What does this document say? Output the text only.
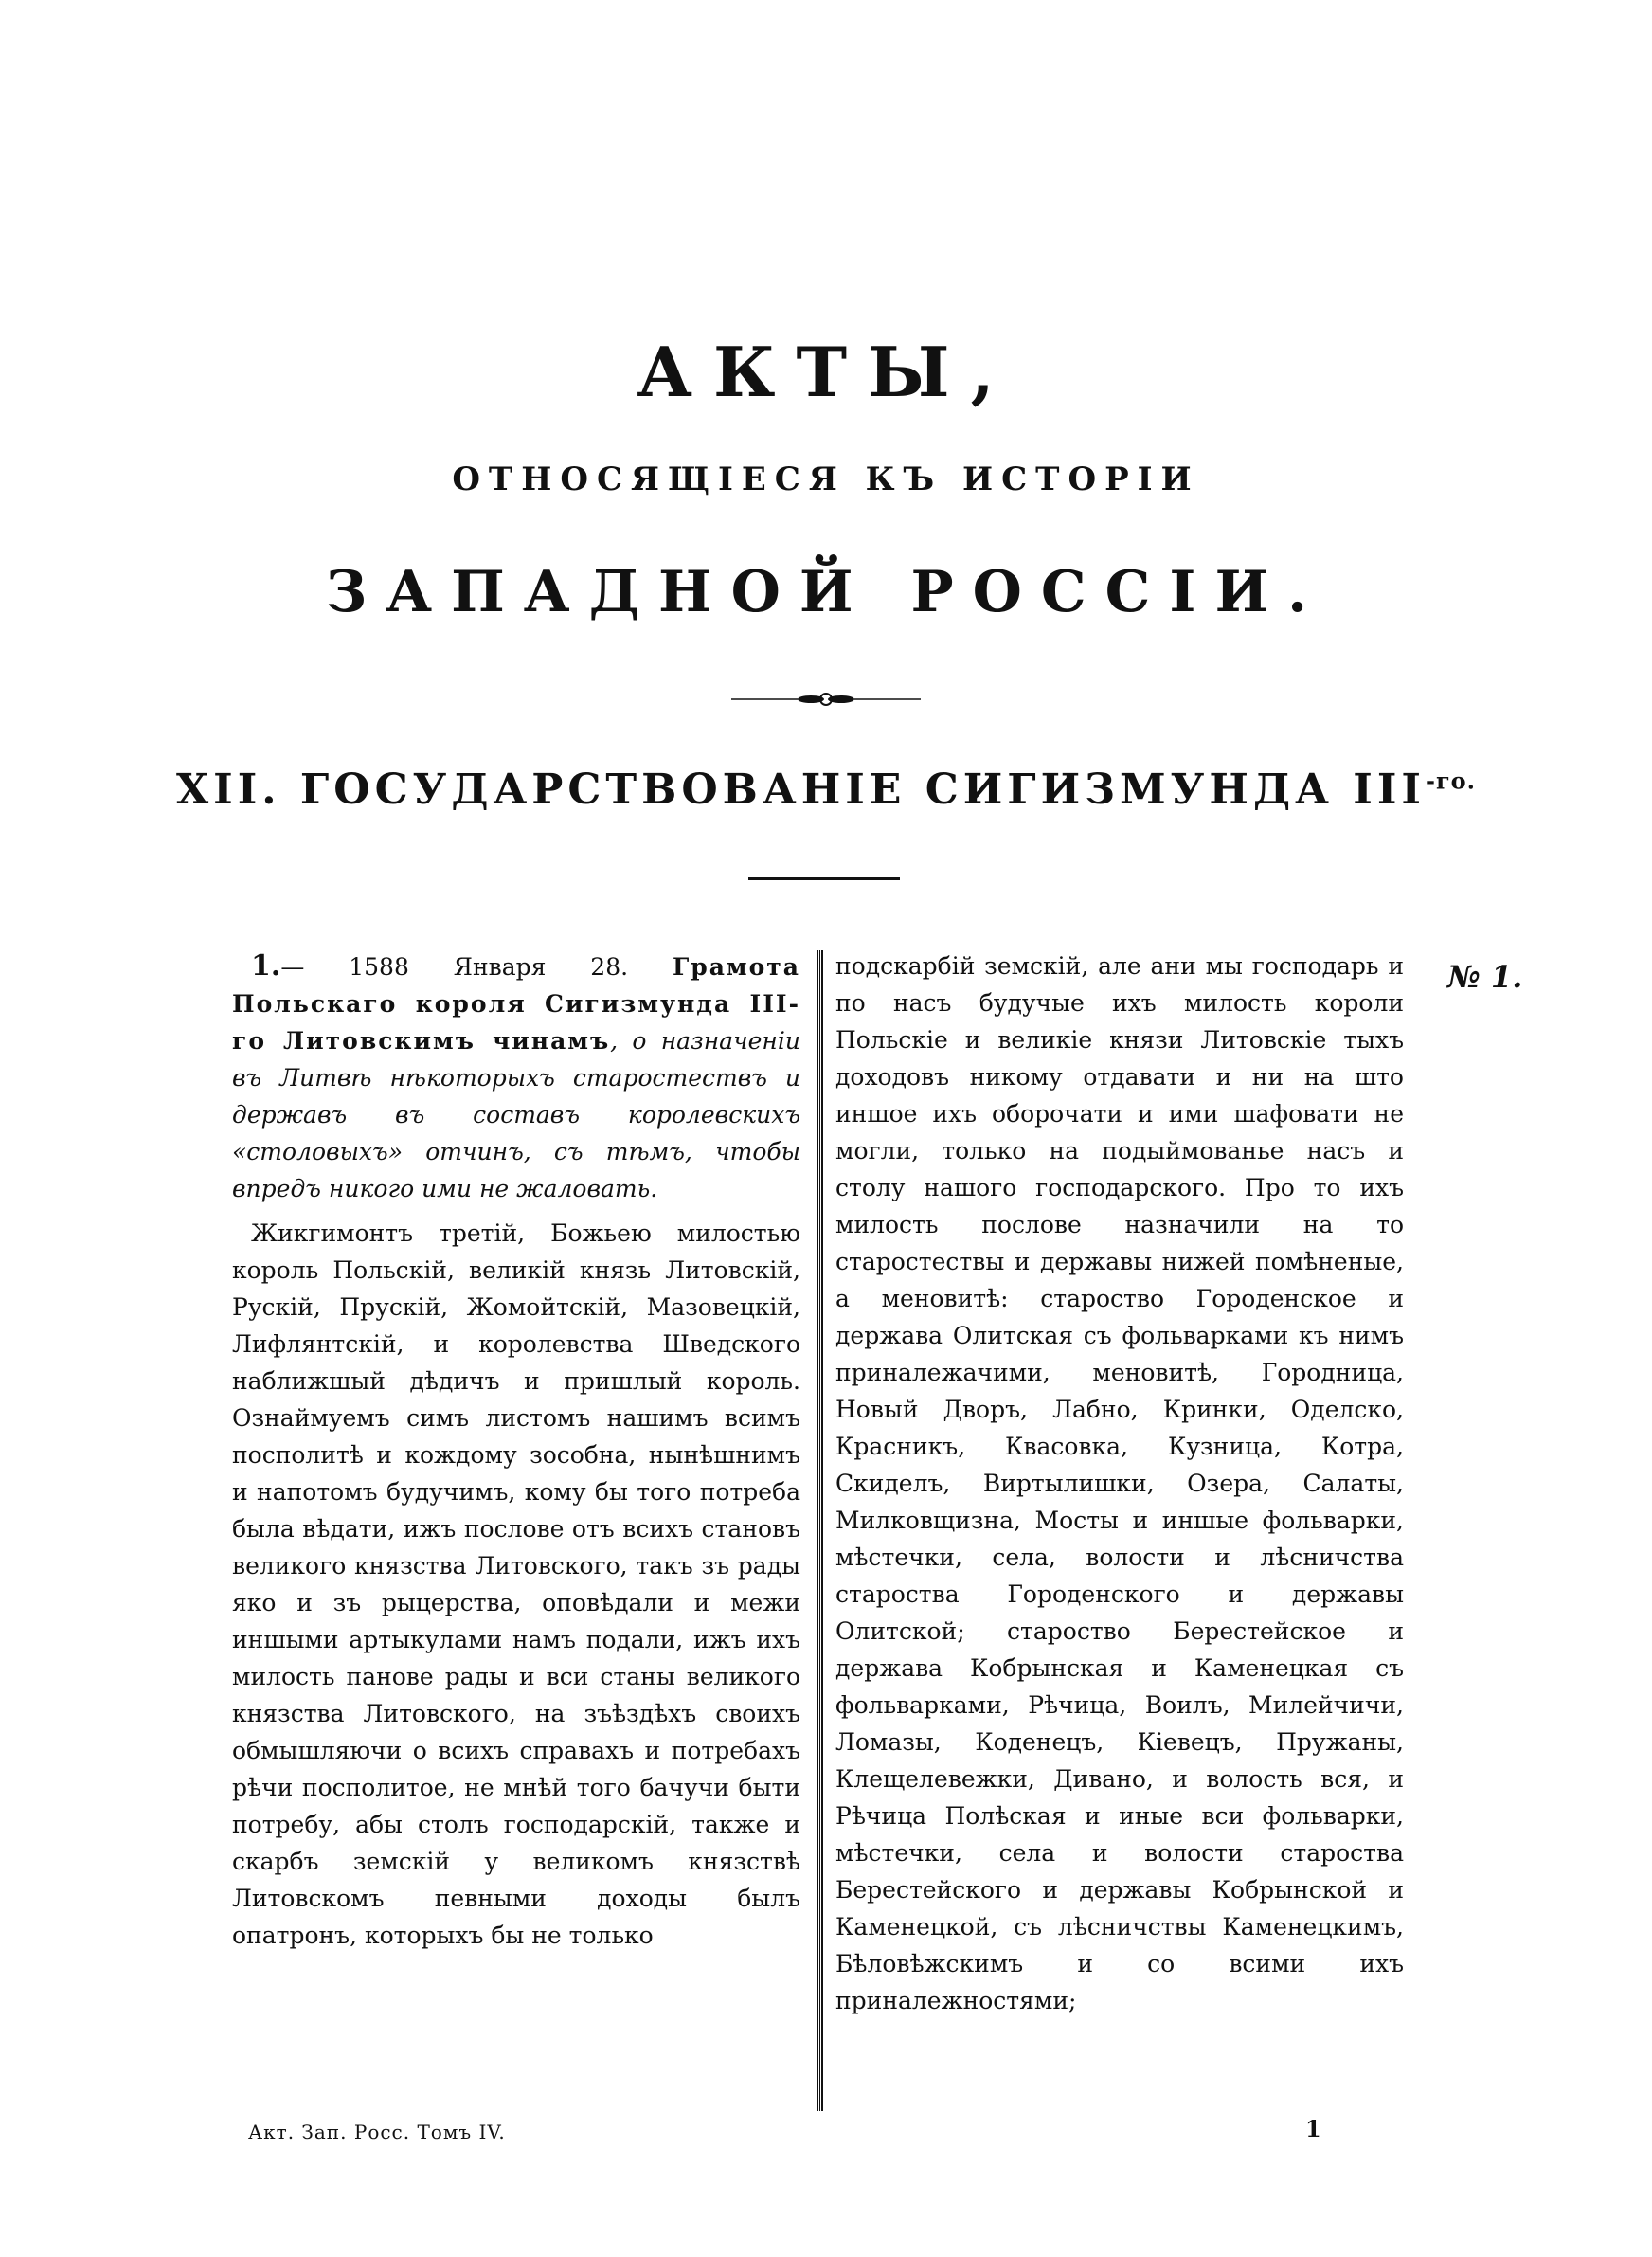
АКТЫ,
ОТНОСЯЩІЕСЯ КЪ ИСТОРІИ
ЗАПАДНОЙ РОССІИ.
XII. ГОСУДАРСТВОВАНІЕ СИГИЗМУНДА $III^{-го.}$

1.— 1588 Января 28. Грамота Польскаго короля Сигизмунда III-го Литовскимъ чинамъ, о назначеніи въ Литвѣ нѣкоторыхъ старостествъ и державъ въ составъ королевскихъ «столовыхъ» отчинъ, съ тѣмъ, чтобы впредъ никого ими не жаловать.

Жикгимонтъ третій, Божьею милостью король Польскій, великій князь Литовскій, Рускій, Пруcкій, Жомойтскій, Мазовецкій, Лифлянтскій, и королевства Шведского наближшый дѣдичъ и пришлый король. Ознаймуемъ симъ листомъ нашимъ всимъ посполитѣ и кождому зособна, нынѣшнимъ и напотомъ будучимъ, кому бы того потреба была вѣдати, ижъ послове отъ всихъ становъ великого князства Литовского, такъ зъ рады яко и зъ рыцерства, оповѣдали и межи иншыми артыкулами намъ подали, ижъ ихъ милость панове рады и вси станы великого князства Литовского, на зъѣздѣхъ своихъ обмышляючи о всихъ справахъ и потребахъ рѣчи посполитое, не мнѣй того бачучи быти потребу, абы столъ господарскій, также и скарбъ земскій у великомъ князствѣ Литовскомъ певными доходы былъ опатронъ, которыхъ бы не только

подскарбій земскій, але ани мы господарь и по насъ будучые ихъ милость короли Польскіе и великіе князи Литовскіе тыхъ доходовъ никому отдавати и ни на што иншое ихъ оборочати и ими шафовати не могли, только на подыймованье насъ и столу нашого господарского. Про то ихъ милость послове назначили на то старостествы и державы нижей помѣненые, а меновитѣ: староство Городенское и держава Олитская съ фольварками къ нимъ приналежачими, меновитѣ, Городница, Новый Дворъ, Лабно, Кринки, Оделско, Красникъ, Квасовка, Кузница, Котра, Скиделъ, Виртылишки, Озера, Салаты, Милковщизна, Мосты и иншые фольварки, мѣстечки, села, волости и лѣсничства староства Городенского и державы Олитской; староство Берестейское и держава Кобрынская и Каменецкая съ фольварками, Рѣчица, Воилъ, Милейчичи, Ломазы, Коденецъ, Кіевецъ, Пружаны, Клещелевежки, Дивано, и волость вся, и Рѣчица Полѣская и иные вси фольварки, мѣстечки, села и волости староства Берестейского и державы Кобрынской и Каменецкой, съ лѣсничствы Каменецкимъ, Бѣловѣжскимъ и со всими ихъ приналежностями;

№ 1.

Акт. Зап. Росс. Томъ IV.	1
